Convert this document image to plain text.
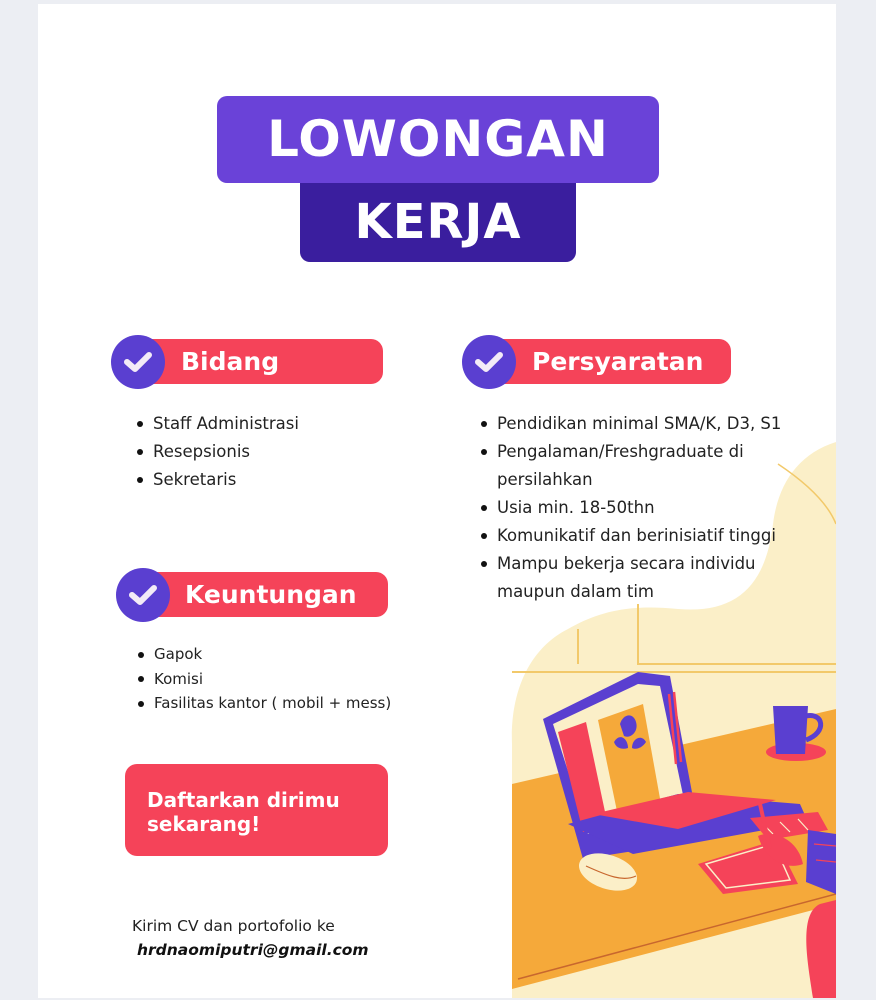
LOWONGAN
KERJA
Bidang
Staff Administrasi
Resepsionis
Sekretaris
Persyaratan
Pendidikan minimal SMA/K, D3, S1
Pengalaman/Freshgraduate di persilahkan
Usia min. 18-50thn
Komunikatif dan berinisiatif tinggi
Mampu bekerja secara individu maupun dalam tim
Keuntungan
Gapok
Komisi
Fasilitas kantor ( mobil + mess)
Daftarkan dirimu sekarang!
Kirim CV dan portofolio ke
hrdnaomiputri@gmail.com
